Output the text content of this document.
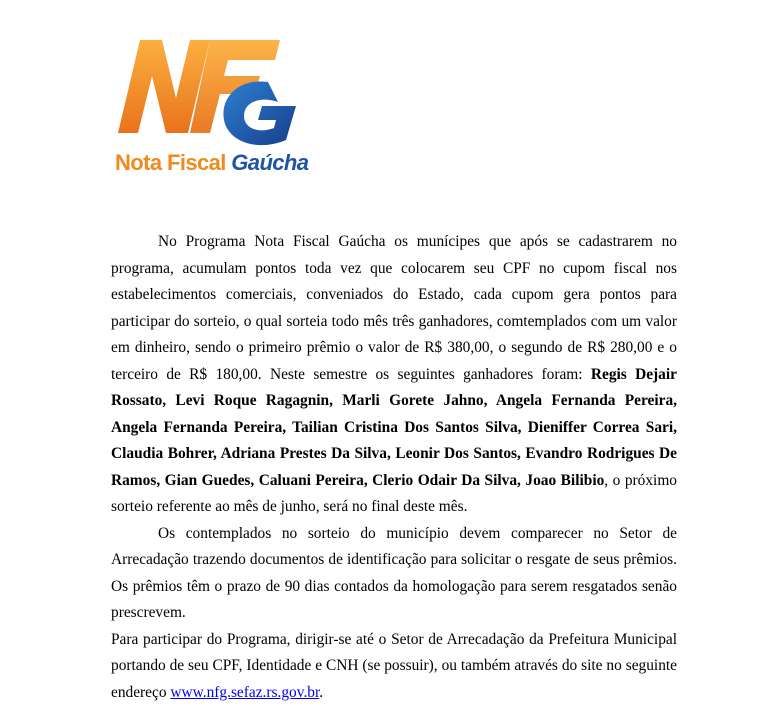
Nota Fiscal Gaúcha

No Programa Nota Fiscal Gaúcha os munícipes que após se cadastrarem no programa, acumulam pontos toda vez que colocarem seu CPF no cupom fiscal nos estabelecimentos comerciais, conveniados do Estado, cada cupom gera pontos para participar do sorteio, o qual sorteia todo mês três ganhadores, comtemplados com um valor em dinheiro, sendo o primeiro prêmio o valor de R$ 380,00, o segundo de R$ 280,00 e o terceiro de R$ 180,00. Neste semestre os seguintes ganhadores foram: Regis Dejair Rossato, Levi Roque Ragagnin, Marli Gorete Jahno, Angela Fernanda Pereira, Angela Fernanda Pereira, Tailian Cristina Dos Santos Silva, Dieniffer Correa Sari, Claudia Bohrer, Adriana Prestes Da Silva, Leonir Dos Santos, Evandro Rodrigues De Ramos, Gian Guedes, Caluani Pereira, Clerio Odair Da Silva, Joao Bilibio, o próximo sorteio referente ao mês de junho, será no final deste mês.

Os contemplados no sorteio do município devem comparecer no Setor de Arrecadação trazendo documentos de identificação para solicitar o resgate de seus prêmios. Os prêmios têm o prazo de 90 dias contados da homologação para serem resgatados senão prescrevem.

Para participar do Programa, dirigir-se até o Setor de Arrecadação da Prefeitura Municipal portando de seu CPF, Identidade e CNH (se possuir), ou também através do site no seguinte endereço www.nfg.sefaz.rs.gov.br.
